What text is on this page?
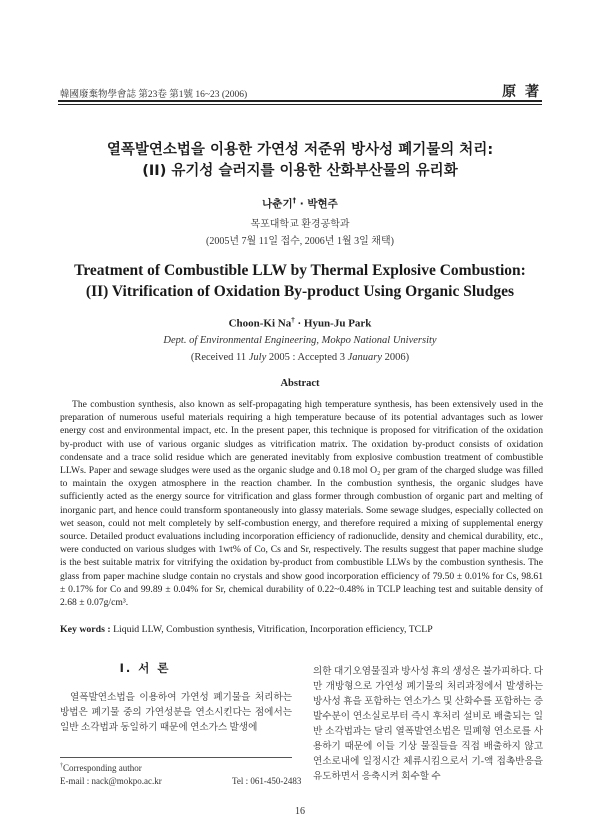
韓國廢棄物學會誌 第23卷 第1號 16~23 (2006)	原 著
열폭발연소법을 이용한 가연성 저준위 방사성 폐기물의 처리:
(II) 유기성 슬러지를 이용한 산화부산물의 유리화
나춘기† · 박현주
목포대학교 환경공학과
(2005년 7월 11일 접수, 2006년 1월 3일 채택)
Treatment of Combustible LLW by Thermal Explosive Combustion:
(II) Vitrification of Oxidation By-product Using Organic Sludges
Choon-Ki Na† · Hyun-Ju Park
Dept. of Environmental Engineering, Mokpo National University
(Received 11 July 2005 : Accepted 3 January 2006)
Abstract
The combustion synthesis, also known as self-propagating high temperature synthesis, has been extensively used in the preparation of numerous useful materials requiring a high temperature because of its potential advantages such as lower energy cost and environmental impact, etc. In the present paper, this technique is proposed for vitrification of the oxidation by-product with use of various organic sludges as vitrification matrix. The oxidation by-product consists of oxidation condensate and a trace solid residue which are generated inevitably from explosive combustion treatment of combustible LLWs. Paper and sewage sludges were used as the organic sludge and 0.18 mol O₂ per gram of the charged sludge was filled to maintain the oxygen atmosphere in the reaction chamber. In the combustion synthesis, the organic sludges have sufficiently acted as the energy source for vitrification and glass former through combustion of organic part and melting of inorganic part, and hence could transform spontaneously into glassy materials. Some sewage sludges, especially collected on wet season, could not melt completely by self-combustion energy, and therefore required a mixing of supplemental energy source. Detailed product evaluations including incorporation efficiency of radionuclide, density and chemical durability, etc., were conducted on various sludges with 1wt% of Co, Cs and Sr, respectively. The results suggest that paper machine sludge is the best suitable matrix for vitrifying the oxidation by-product from combustible LLWs by the combustion synthesis. The glass from paper machine sludge contain no crystals and show good incorporation efficiency of 79.50 ± 0.01% for Cs, 98.61 ± 0.17% for Co and 99.89 ± 0.04% for Sr, chemical durability of 0.22~0.48% in TCLP leaching test and suitable density of 2.68 ± 0.07g/cm³.
Key words : Liquid LLW, Combustion synthesis, Vitrification, Incorporation efficiency, TCLP
I. 서 론
열폭발연소법을 이용하여 가연성 폐기물을 처리하는 방법은 폐기물 중의 가연성분을 연소시킨다는 점에서는 일반 소각법과 동일하기 때문에 연소가스 발생에
의한 대기오염물질과 방사성 휴의 생성은 불가피하다. 다만 개방형으로 가연성 폐기물의 처리과정에서 발생하는 방사성 휴을 포함하는 연소가스 및 산화수를 포함하는 증발수분이 연소실로부터 즉시 후처리 설비로 배출되는 일반 소각법과는 달리 열폭발연소법은 밀폐형 연소로를 사용하기 때문에 이들 기상 물질들을 직접 배출하지 않고 연소로내에 일정시간 체류시킴으로서 기-액 접촉반응을 유도하면서 응축시켜 회수할 수
†Corresponding author
E-mail : nack@mokpo.ac.kr	Tel : 061-450-2483
16
